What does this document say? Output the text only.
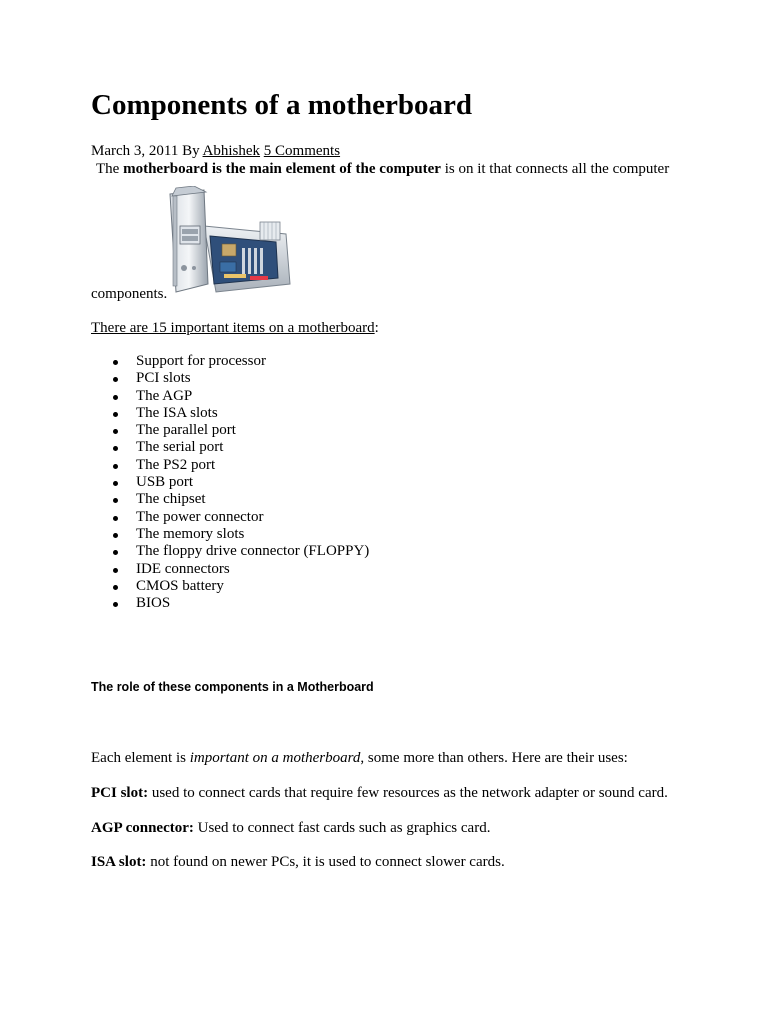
Components of a motherboard
March 3, 2011 By Abhishek 5 Comments
The motherboard is the main element of the computer is on it that connects all the computer
components.
There are 15 important items on a motherboard:
Support for processor
PCI slots
The AGP
The ISA slots
The parallel port
The serial port
The PS2 port
USB port
The chipset
The power connector
The memory slots
The floppy drive connector (FLOPPY)
IDE connectors
CMOS battery
BIOS
The role of these components in a Motherboard
Each element is important on a motherboard, some more than others. Here are their uses:
PCI slot: used to connect cards that require few resources as the network adapter or sound card.
AGP connector: Used to connect fast cards such as graphics card.
ISA slot: not found on newer PCs, it is used to connect slower cards.
